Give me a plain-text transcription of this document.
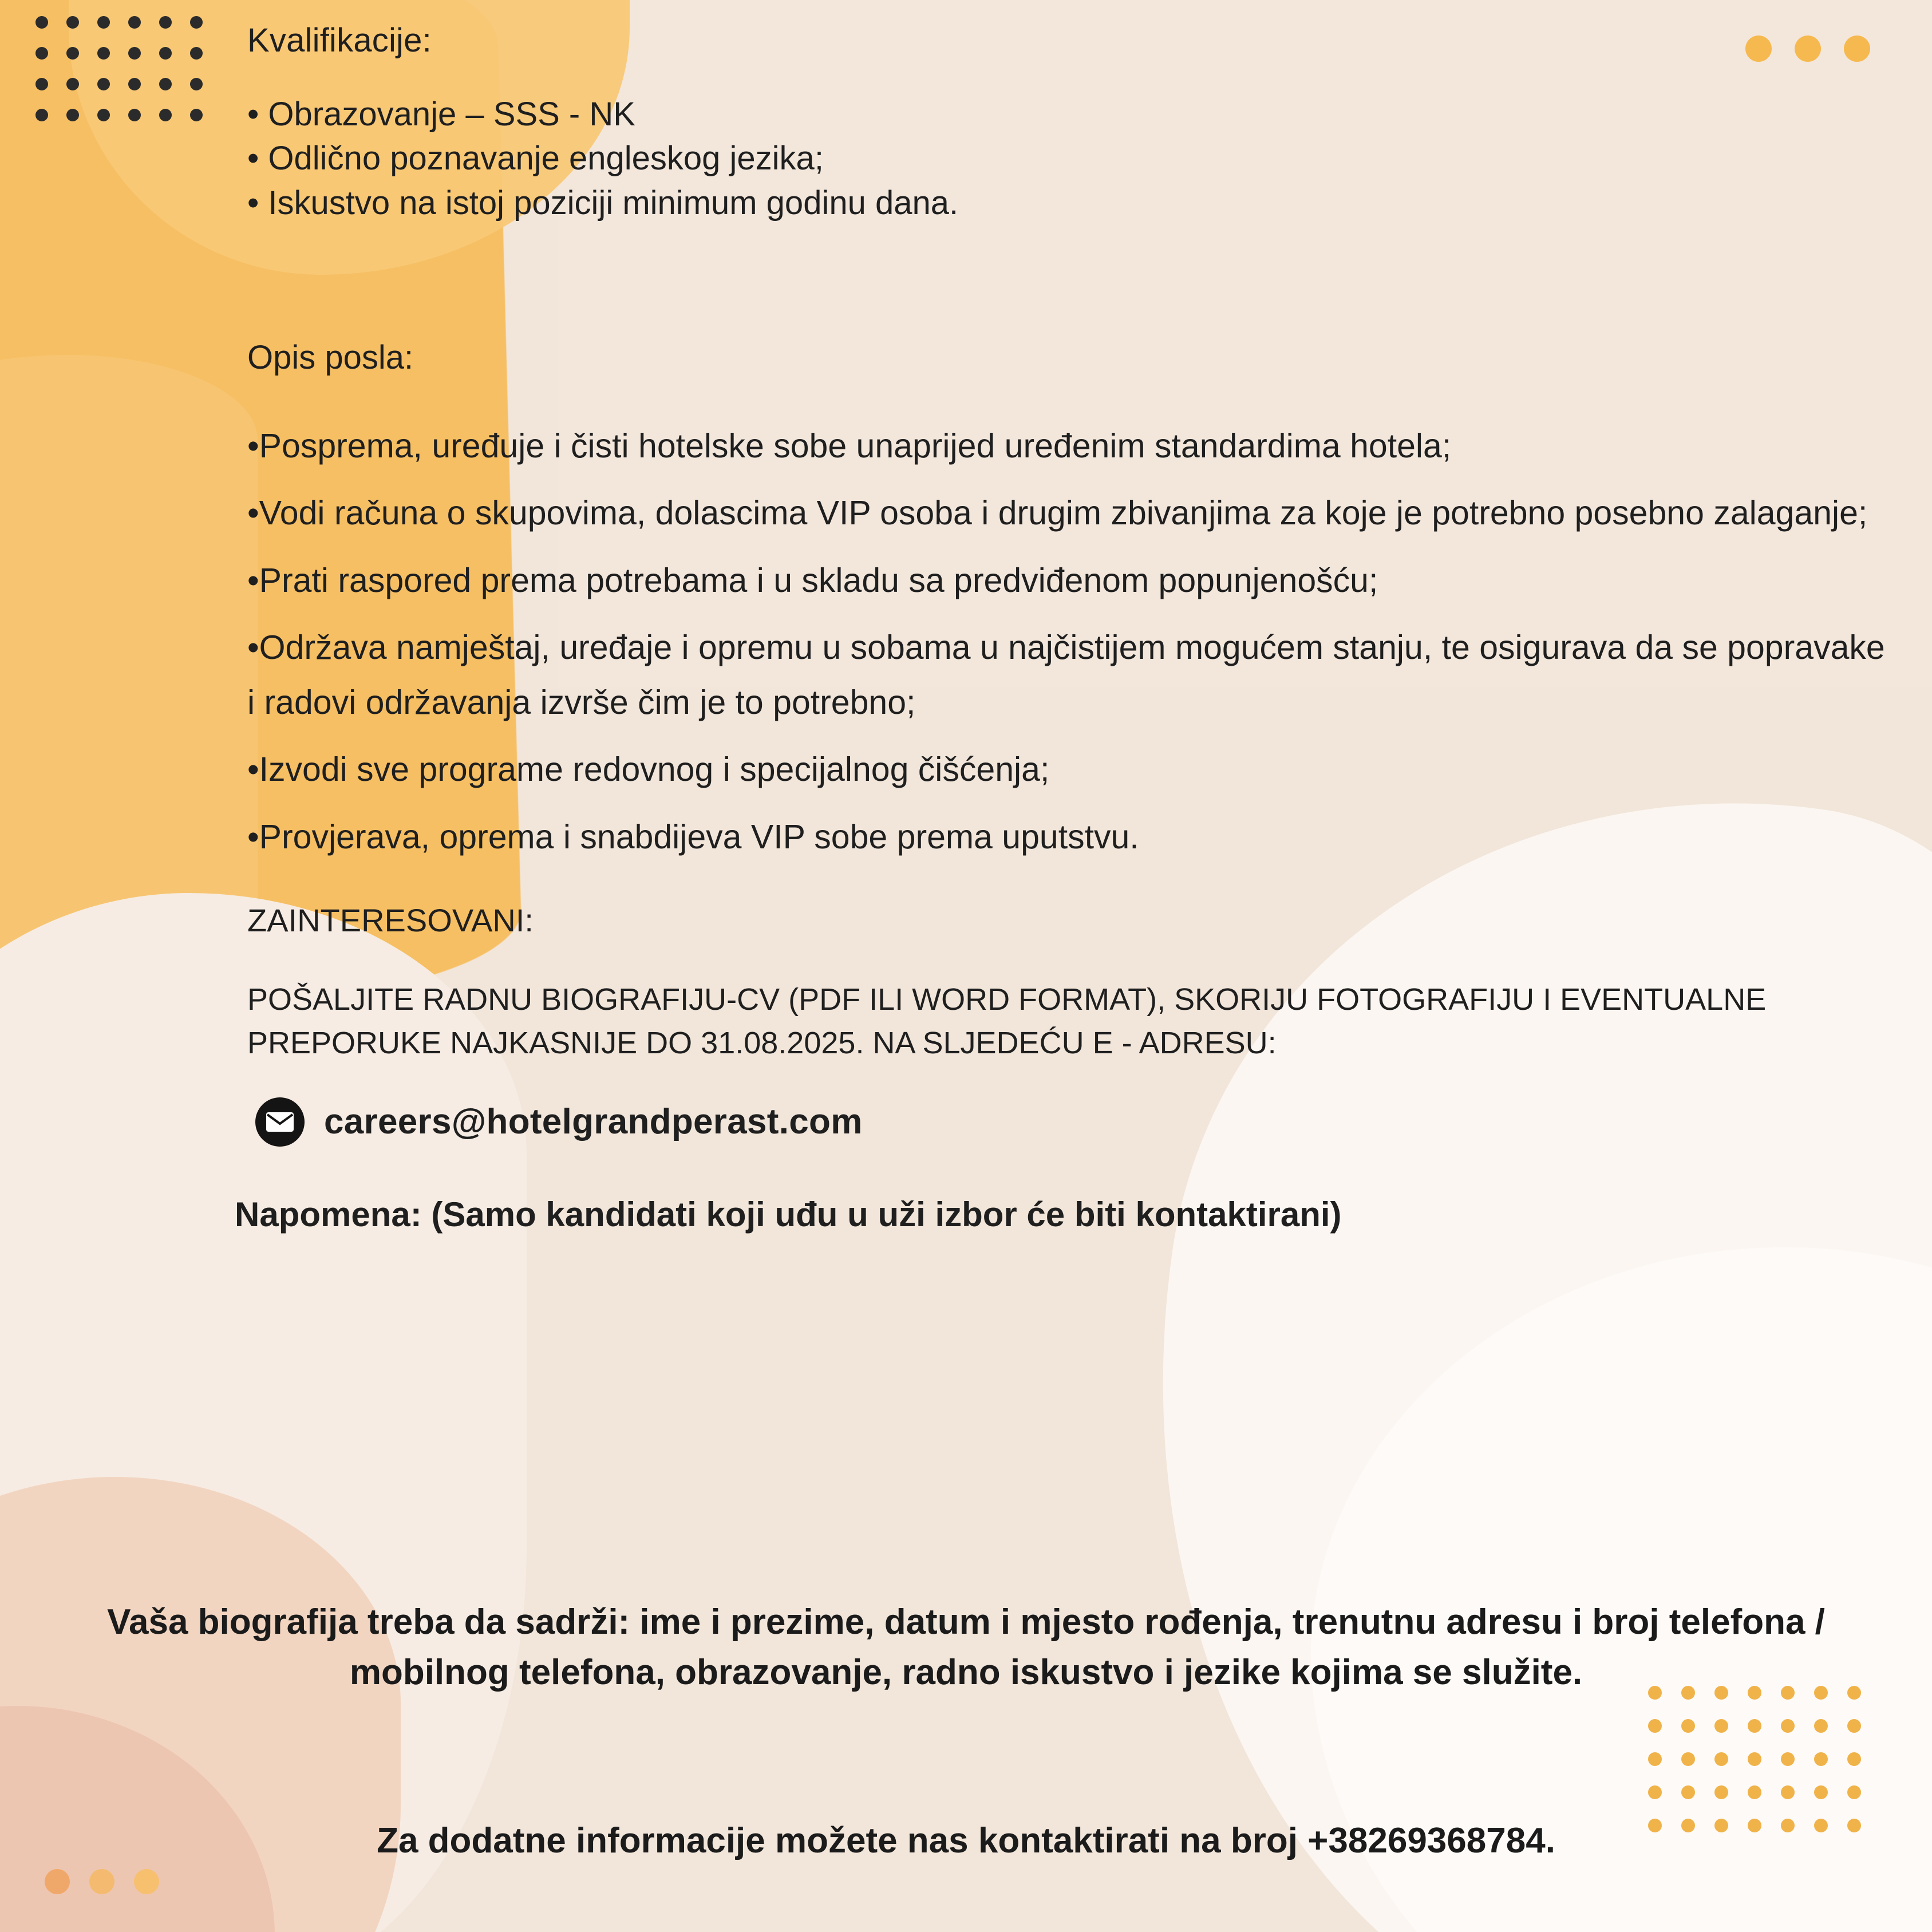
Kvalifikacije:
• Obrazovanje – SSS - NK
• Odlično poznavanje engleskog jezika;
• Iskustvo na istoj poziciji minimum godinu dana.
Opis posla:

•Posprema, uređuje i čisti hotelske sobe unaprijed uređenim standardima hotela;

•Vodi računa o skupovima, dolascima VIP osoba i drugim zbivanjima za koje je potrebno posebno zalaganje;

•Prati raspored prema potrebama i u skladu sa predviđenom popunjenošću;

•Održava namještaj, uređaje i opremu u sobama u najčistijem mogućem stanju, te osigurava da se popravake i radovi održavanja izvrše čim je to potrebno;

•Izvodi sve programe redovnog i specijalnog čišćenja;

•Provjerava, oprema i snabdijeva VIP sobe prema uputstvu.

ZAINTERESOVANI:
POŠALJITE RADNU BIOGRAFIJU-CV (PDF ILI WORD FORMAT), SKORIJU FOTOGRAFIJU I EVENTUALNE PREPORUKE NAJKASNIJE DO 31.08.2025. NA SLJEDEĆU E - ADRESU:
careers@hotelgrandperast.com
Napomena: (Samo kandidati koji uđu u uži izbor će biti kontaktirani)
Vaša biografija treba da sadrži: ime i prezime, datum i mjesto rođenja, trenutnu adresu i broj telefona / mobilnog telefona, obrazovanje, radno iskustvo i jezike kojima se služite.
Za dodatne informacije možete nas kontaktirati na broj +38269368784.
